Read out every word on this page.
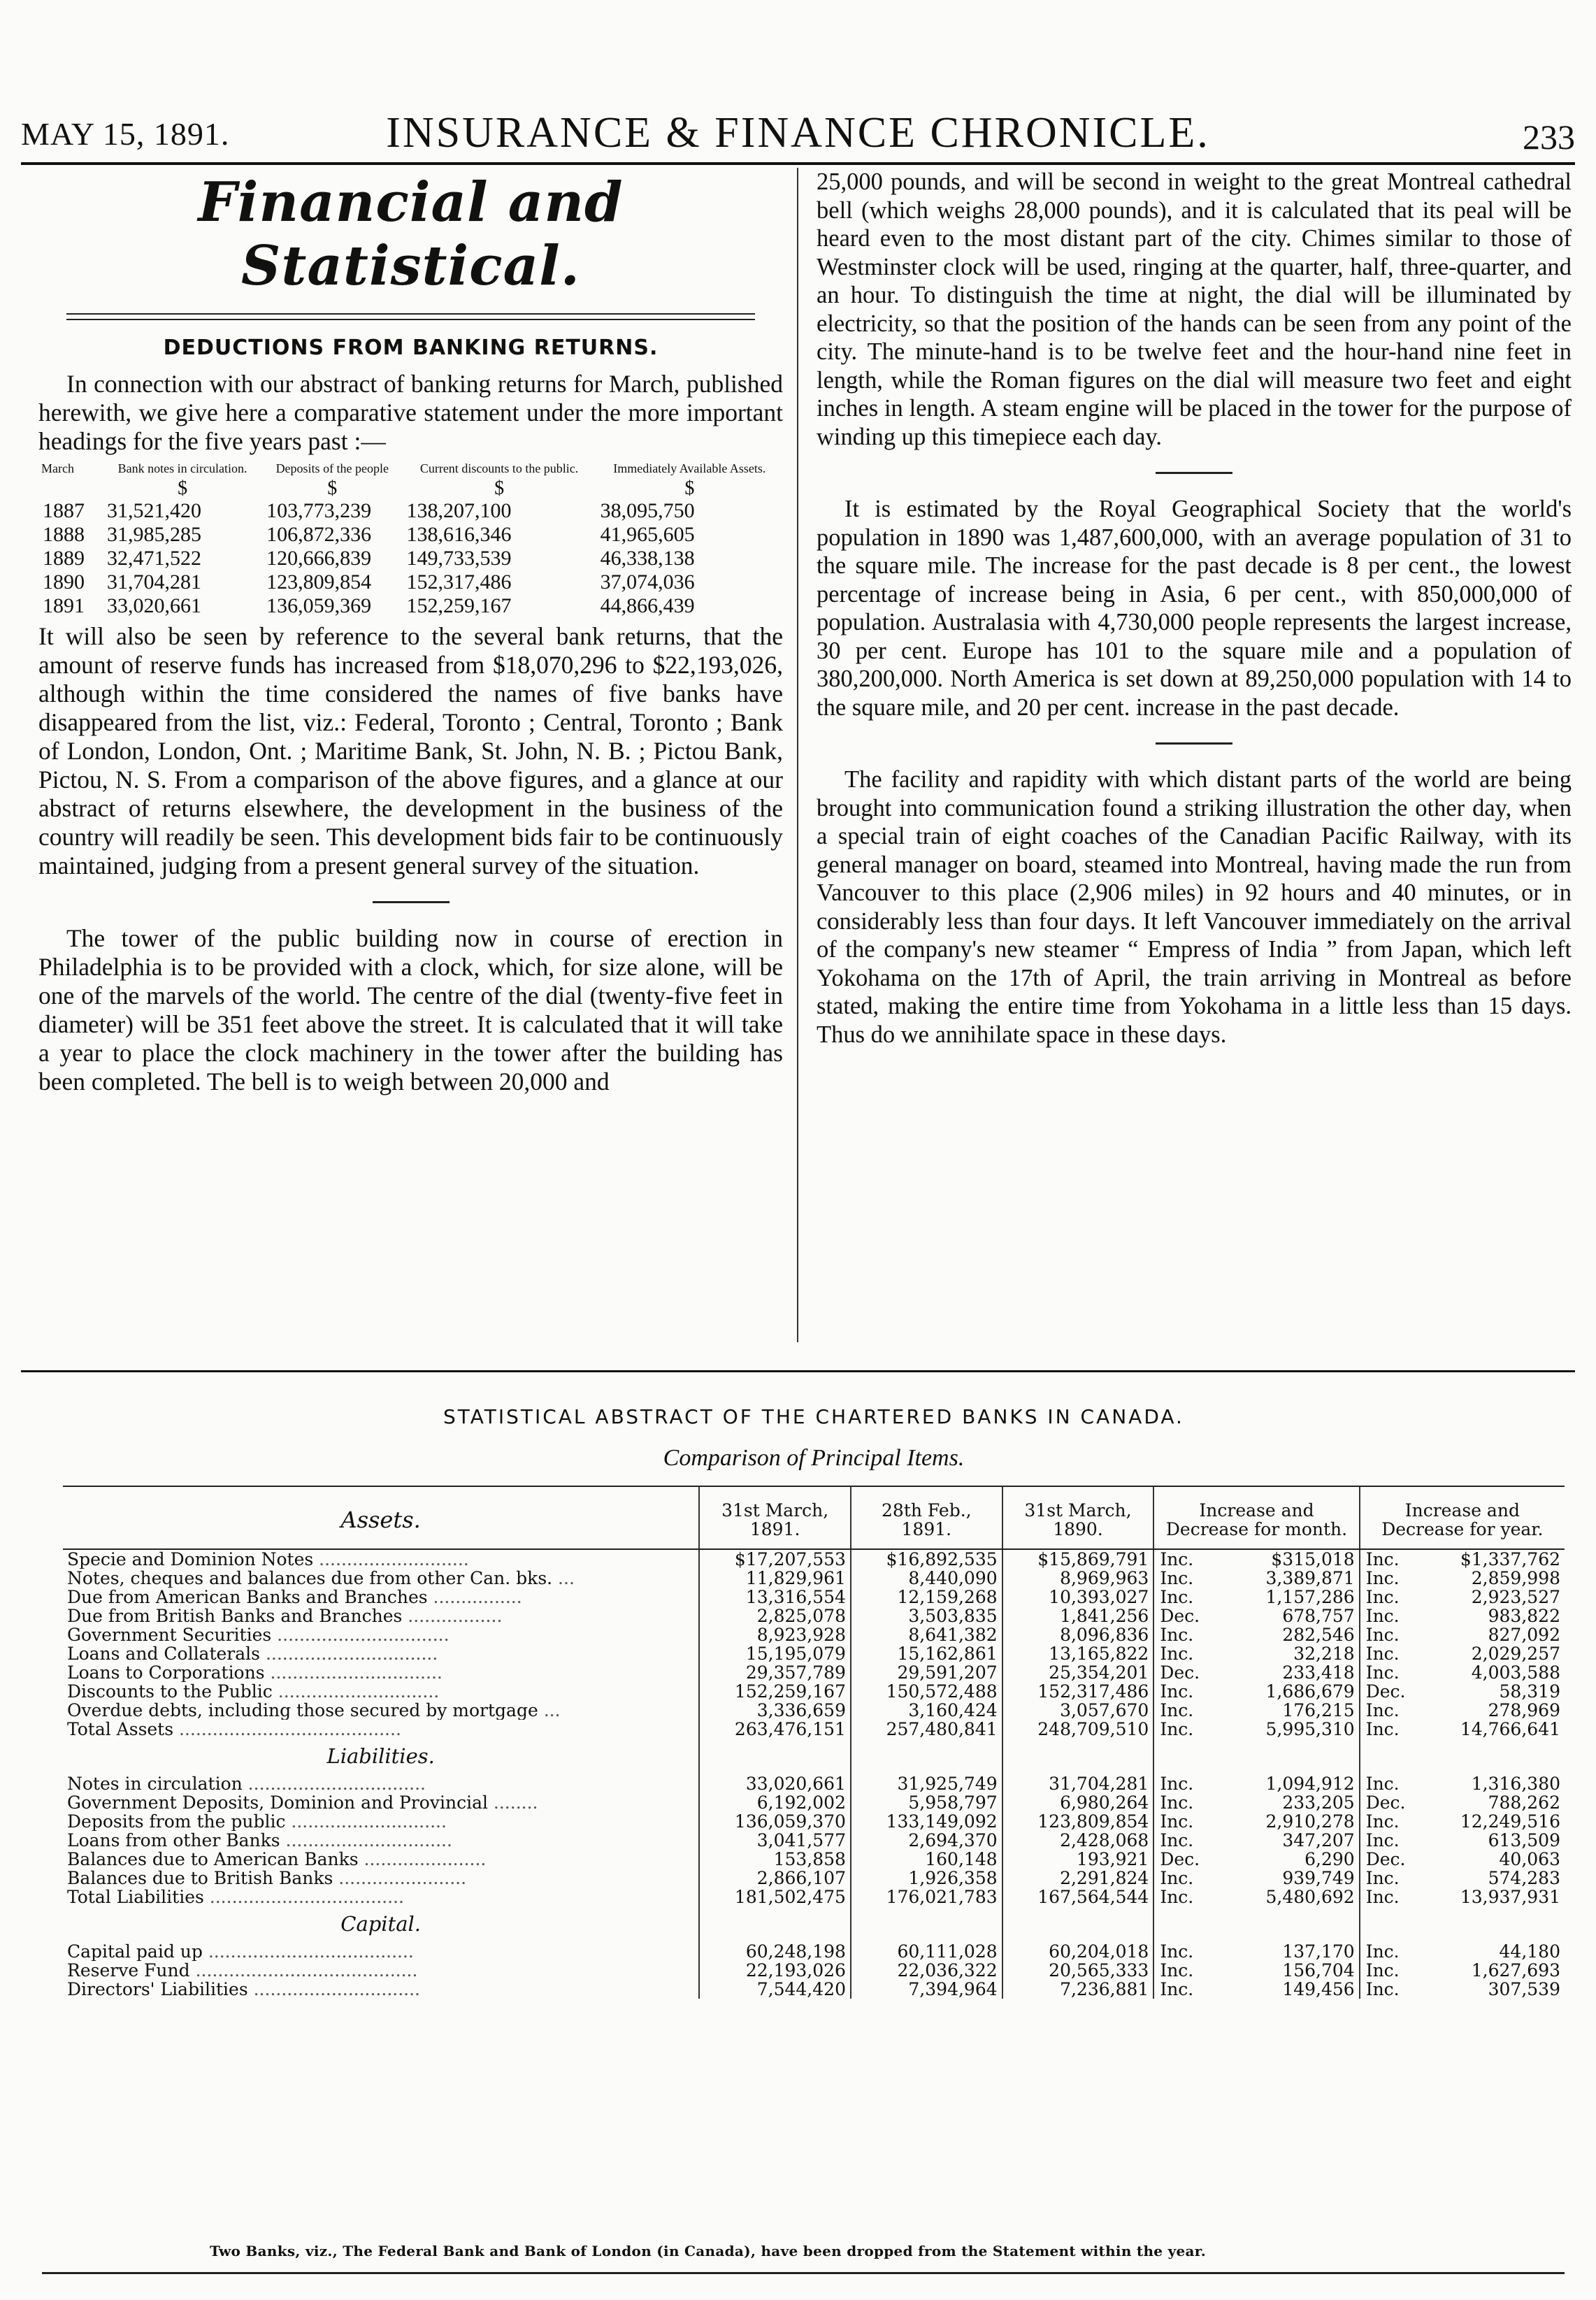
MAY 15, 1891.	INSURANCE & FINANCE CHRONICLE.	233
Financial and Statistical.
DEDUCTIONS FROM BANKING RETURNS.

In connection with our abstract of banking returns for March, published herewith, we give here a comparative statement under the more important headings for the five years past :—

March	Bank notes in circulation.	Deposits of the people	Current discounts to the public.	Immediately Available Assets.
	$	$	$	$
1887	31,521,420	103,773,239	138,207,100	38,095,750
1888	31,985,285	106,872,336	138,616,346	41,965,605
1889	32,471,522	120,666,839	149,733,539	46,338,138
1890	31,704,281	123,809,854	152,317,486	37,074,036
1891	33,020,661	136,059,369	152,259,167	44,866,439

It will also be seen by reference to the several bank returns, that the amount of reserve funds has increased from $18,070,296 to $22,193,026, although within the time considered the names of five banks have disappeared from the list, viz.: Federal, Toronto ; Central, Toronto ; Bank of London, London, Ont. ; Maritime Bank, St. John, N. B. ; Pictou Bank, Pictou, N. S. From a comparison of the above figures, and a glance at our abstract of returns elsewhere, the development in the business of the country will readily be seen. This development bids fair to be continuously maintained, judging from a present general survey of the situation.

The tower of the public building now in course of erection in Philadelphia is to be provided with a clock, which, for size alone, will be one of the marvels of the world. The centre of the dial (twenty-five feet in diameter) will be 351 feet above the street. It is calculated that it will take a year to place the clock machinery in the tower after the building has been completed. The bell is to weigh between 20,000 and

25,000 pounds, and will be second in weight to the great Montreal cathedral bell (which weighs 28,000 pounds), and it is calculated that its peal will be heard even to the most distant part of the city. Chimes similar to those of Westminster clock will be used, ringing at the quarter, half, three-quarter, and an hour. To distinguish the time at night, the dial will be illuminated by electricity, so that the position of the hands can be seen from any point of the city. The minute-hand is to be twelve feet and the hour-hand nine feet in length, while the Roman figures on the dial will measure two feet and eight inches in length. A steam engine will be placed in the tower for the purpose of winding up this timepiece each day.

It is estimated by the Royal Geographical Society that the world's population in 1890 was 1,487,600,000, with an average population of 31 to the square mile. The increase for the past decade is 8 per cent., the lowest percentage of increase being in Asia, 6 per cent., with 850,000,000 of population. Australasia with 4,730,000 people represents the largest increase, 30 per cent. Europe has 101 to the square mile and a population of 380,200,000. North America is set down at 89,250,000 population with 14 to the square mile, and 20 per cent. increase in the past decade.

The facility and rapidity with which distant parts of the world are being brought into communication found a striking illustration the other day, when a special train of eight coaches of the Canadian Pacific Railway, with its general manager on board, steamed into Montreal, having made the run from Vancouver to this place (2,906 miles) in 92 hours and 40 minutes, or in considerably less than four days. It left Vancouver immediately on the arrival of the company's new steamer “ Empress of India ” from Japan, which left Yokohama on the 17th of April, the train arriving in Montreal as before stated, making the entire time from Yokohama in a little less than 15 days. Thus do we annihilate space in these days.

STATISTICAL ABSTRACT OF THE CHARTERED BANKS IN CANADA.
Comparison of Principal Items.
Assets.	31st March, 1891.	28th Feb., 1891.	31st March, 1890.	Increase and Decrease for month.		Increase and Decrease for year.	
Specie and Dominion Notes ...........................	$17,207,553	$16,892,535	$15,869,791	Inc.	$315,018	Inc.	$1,337,762
Notes, cheques and balances due from other Can. bks. ...	11,829,961	8,440,090	8,969,963	Inc.	3,389,871	Inc.	2,859,998
Due from American Banks and Branches ................	13,316,554	12,159,268	10,393,027	Inc.	1,157,286	Inc.	2,923,527
Due from British Banks and Branches .................	2,825,078	3,503,835	1,841,256	Dec.	678,757	Inc.	983,822
Government Securities ...............................	8,923,928	8,641,382	8,096,836	Inc.	282,546	Inc.	827,092
Loans and Collaterals ...............................	15,195,079	15,162,861	13,165,822	Inc.	32,218	Inc.	2,029,257
Loans to Corporations ...............................	29,357,789	29,591,207	25,354,201	Dec.	233,418	Inc.	4,003,588
Discounts to the Public .............................	152,259,167	150,572,488	152,317,486	Inc.	1,686,679	Dec.	58,319
Overdue debts, including those secured by mortgage ...	3,336,659	3,160,424	3,057,670	Inc.	176,215	Inc.	278,969
Total Assets ........................................	263,476,151	257,480,841	248,709,510	Inc.	5,995,310	Inc.	14,766,641
Liabilities.							
Notes in circulation ................................	33,020,661	31,925,749	31,704,281	Inc.	1,094,912	Inc.	1,316,380
Government Deposits, Dominion and Provincial ........	6,192,002	5,958,797	6,980,264	Inc.	233,205	Dec.	788,262
Deposits from the public ............................	136,059,370	133,149,092	123,809,854	Inc.	2,910,278	Inc.	12,249,516
Loans from other Banks ..............................	3,041,577	2,694,370	2,428,068	Inc.	347,207	Inc.	613,509
Balances due to American Banks ......................	153,858	160,148	193,921	Dec.	6,290	Dec.	40,063
Balances due to British Banks .......................	2,866,107	1,926,358	2,291,824	Inc.	939,749	Inc.	574,283
Total Liabilities ...................................	181,502,475	176,021,783	167,564,544	Inc.	5,480,692	Inc.	13,937,931
Capital.							
Capital paid up .....................................	60,248,198	60,111,028	60,204,018	Inc.	137,170	Inc.	44,180
Reserve Fund ........................................	22,193,026	22,036,322	20,565,333	Inc.	156,704	Inc.	1,627,693
Directors' Liabilities ..............................	7,544,420	7,394,964	7,236,881	Inc.	149,456	Inc.	307,539
Two Banks, viz., The Federal Bank and Bank of London (in Canada), have been dropped from the Statement within the year.
